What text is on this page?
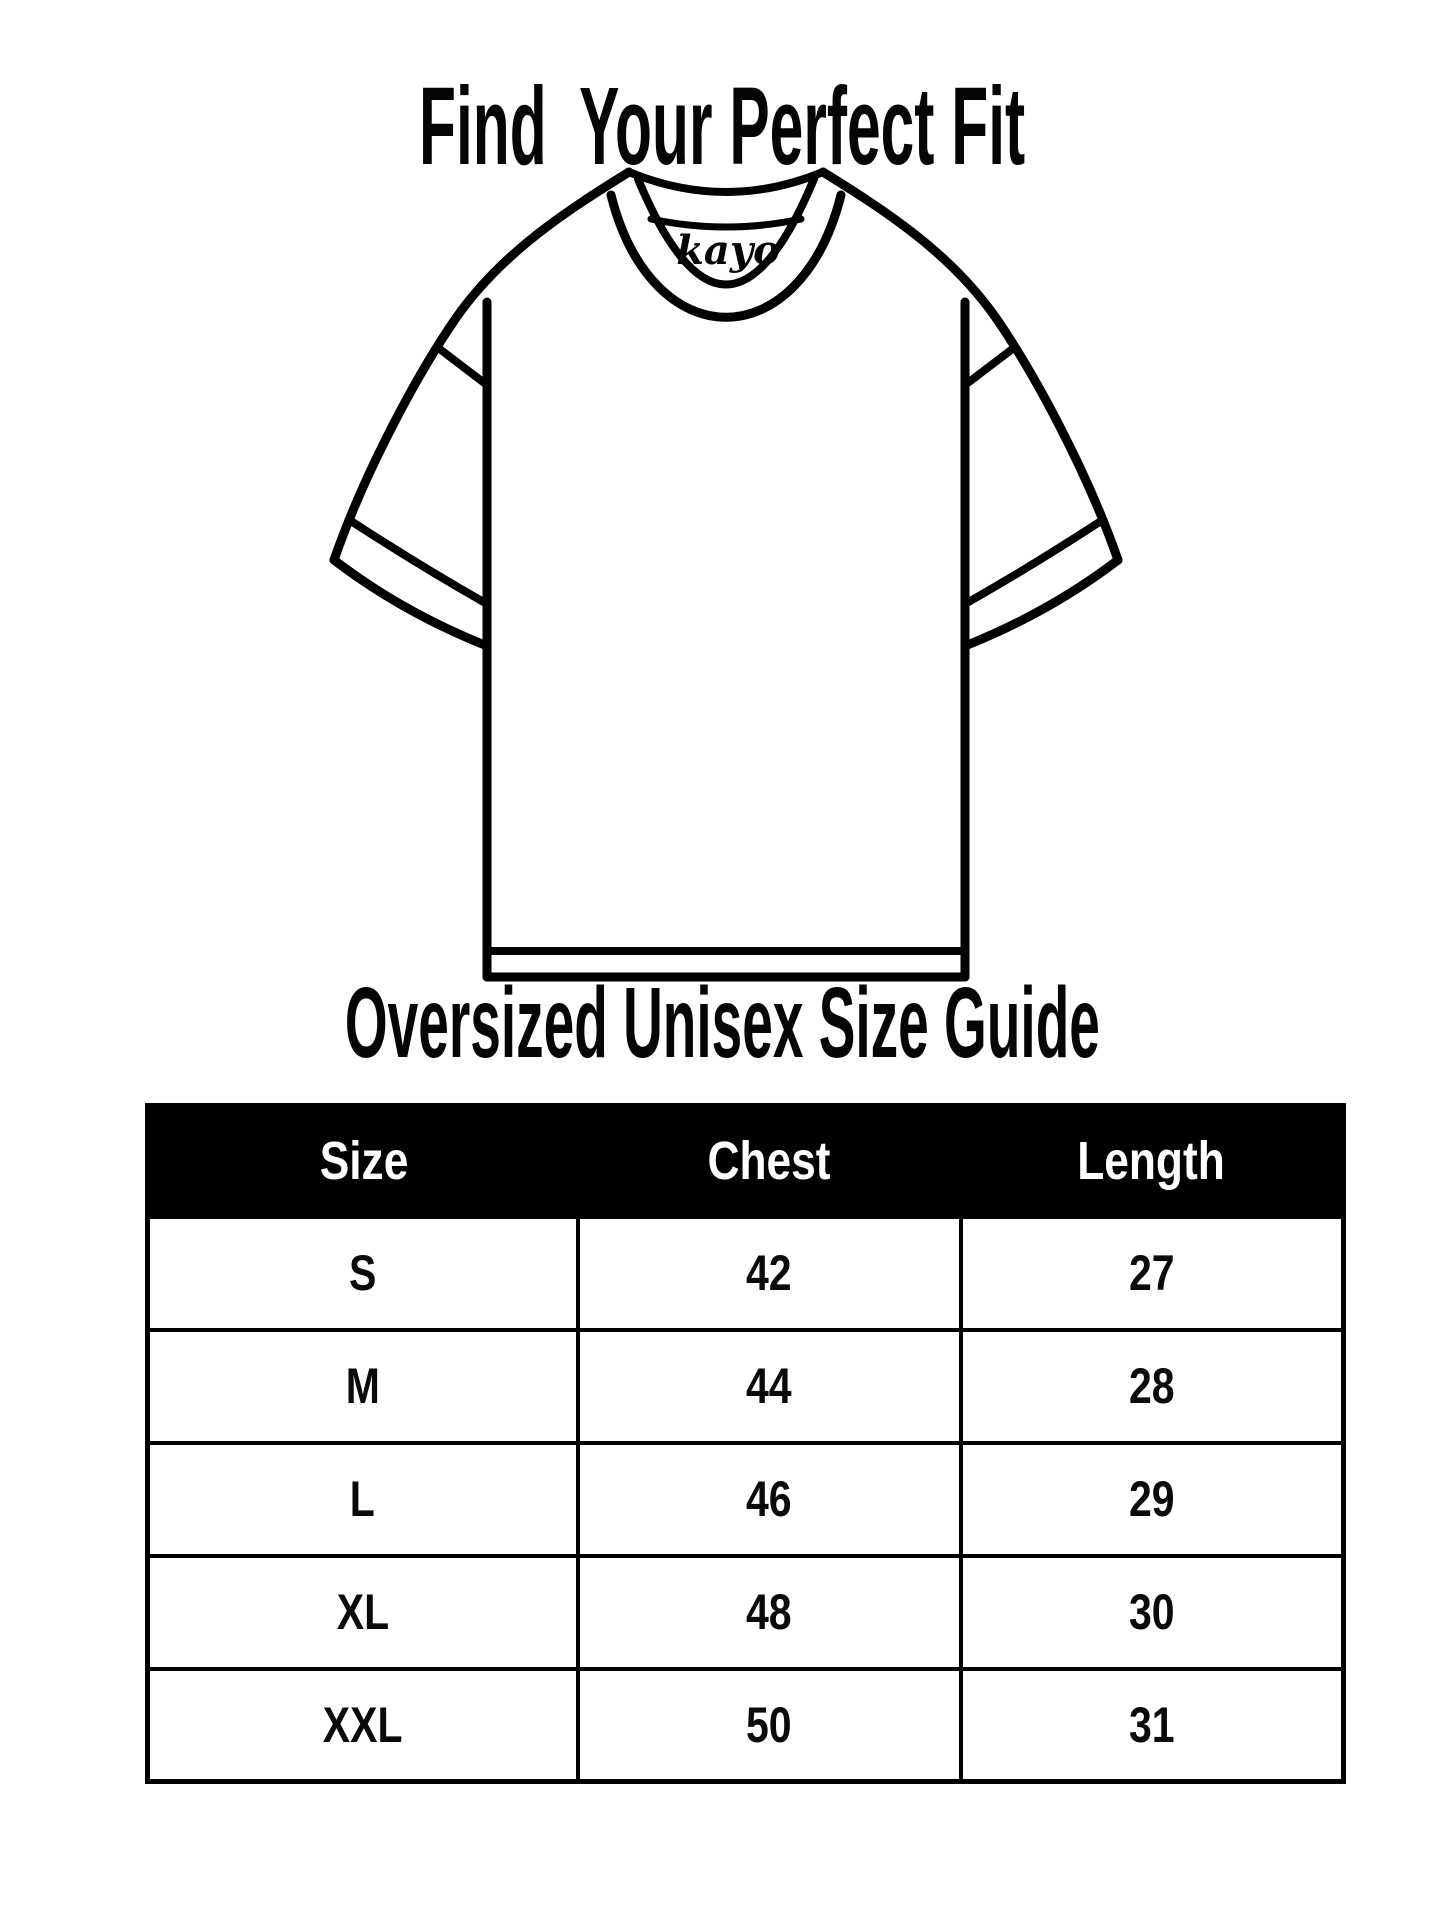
Find  Your Perfect Fit
kayo
Oversized Unisex Size Guide
Size	Chest	Length
S	42	27
M	44	28
L	46	29
XL	48	30
XXL	50	31
